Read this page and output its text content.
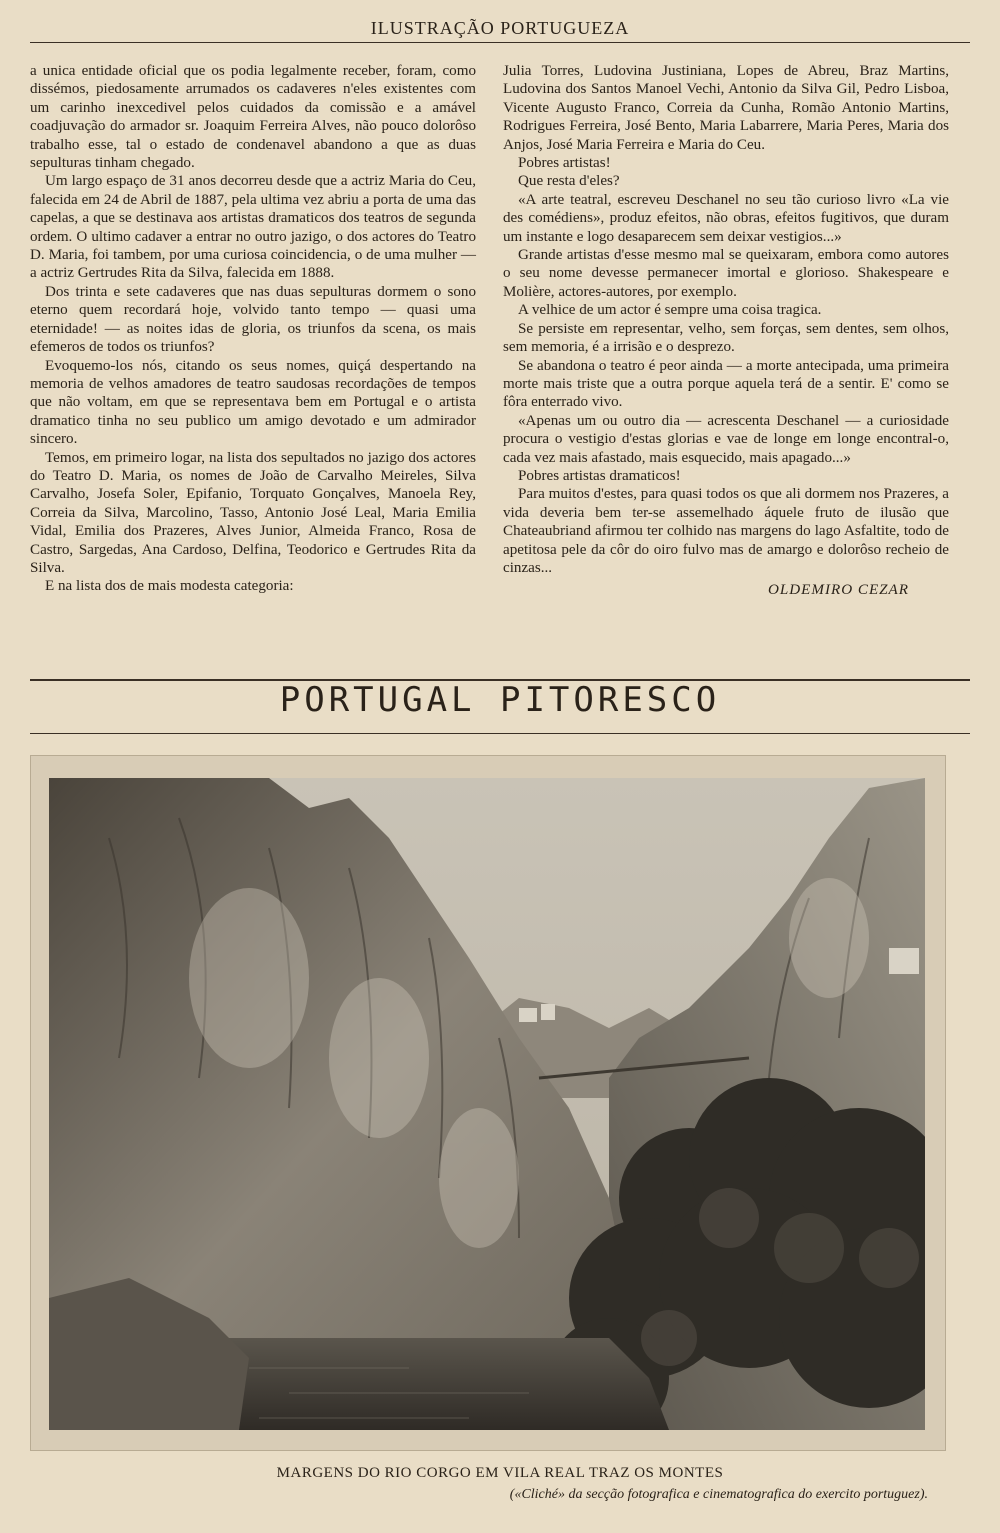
ILUSTRAÇÃO PORTUGUEZA

a unica entidade oficial que os podia legalmente receber, foram, como dissémos, piedosamente arrumados os cadaveres n'eles existentes com um carinho inexcedivel pelos cuidados da comissão e a amável coadjuvação do armador sr. Joaquim Ferreira Alves, não pouco dolorôso trabalho esse, tal o estado de condenavel abandono a que as duas sepulturas tinham chegado.

Um largo espaço de 31 anos decorreu desde que a actriz Maria do Ceu, falecida em 24 de Abril de 1887, pela ultima vez abriu a porta de uma das capelas, a que se destinava aos artistas dramaticos dos teatros de segunda ordem. O ultimo cadaver a entrar no outro jazigo, o dos actores do Teatro D. Maria, foi tambem, por uma curiosa coincidencia, o de uma mulher — a actriz Gertrudes Rita da Silva, falecida em 1888.

Dos trinta e sete cadaveres que nas duas sepulturas dormem o sono eterno quem recordará hoje, volvido tanto tempo — quasi uma eternidade! — as noites idas de gloria, os triunfos da scena, os mais efemeros de todos os triunfos?

Evoquemo-los nós, citando os seus nomes, quiçá despertando na memoria de velhos amadores de teatro saudosas recordações de tempos que não voltam, em que se representava bem em Portugal e o artista dramatico tinha no seu publico um amigo devotado e um admirador sincero.

Temos, em primeiro logar, na lista dos sepultados no jazigo dos actores do Teatro D. Maria, os nomes de João de Carvalho Meireles, Silva Carvalho, Josefa Soler, Epifanio, Torquato Gonçalves, Manoela Rey, Correia da Silva, Marcolino, Tasso, Antonio José Leal, Maria Emilia Vidal, Emilia dos Prazeres, Alves Junior, Almeida Franco, Rosa de Castro, Sargedas, Ana Cardoso, Delfina, Teodorico e Gertrudes Rita da Silva.

E na lista dos de mais modesta categoria:

Julia Torres, Ludovina Justiniana, Lopes de Abreu, Braz Martins, Ludovina dos Santos Manoel Vechi, Antonio da Silva Gil, Pedro Lisboa, Vicente Augusto Franco, Correia da Cunha, Romão Antonio Martins, Rodrigues Ferreira, José Bento, Maria Labarrere, Maria Peres, Maria dos Anjos, José Maria Ferreira e Maria do Ceu.

Pobres artistas!

Que resta d'eles?

«A arte teatral, escreveu Deschanel no seu tão curioso livro «La vie des comédiens», produz efeitos, não obras, efeitos fugitivos, que duram um instante e logo desaparecem sem deixar vestigios...»

Grande artistas d'esse mesmo mal se queixaram, embora como autores o seu nome devesse permanecer imortal e glorioso. Shakespeare e Molière, actores-autores, por exemplo.

A velhice de um actor é sempre uma coisa tragica.

Se persiste em representar, velho, sem forças, sem dentes, sem olhos, sem memoria, é a irrisão e o desprezo.

Se abandona o teatro é peor ainda — a morte antecipada, uma primeira morte mais triste que a outra porque aquela terá de a sentir. E' como se fôra enterrado vivo.

«Apenas um ou outro dia — acrescenta Deschanel — a curiosidade procura o vestigio d'estas glorias e vae de longe em longe encontral-o, cada vez mais afastado, mais esquecido, mais apagado...»

Pobres artistas dramaticos!

Para muitos d'estes, para quasi todos os que ali dormem nos Prazeres, a vida deveria bem ter-se assemelhado áquele fruto de ilusão que Chateaubriand afirmou ter colhido nas margens do lago Asfaltite, todo de apetitosa pele da côr do oiro fulvo mas de amargo e dolorôso recheio de cinzas...

OLDEMIRO CEZAR
PORTUGAL PITORESCO
MARGENS DO RIO CORGO EM VILA REAL TRAZ OS MONTES
(«Cliché» da secção fotografica e cinematografica do exercito portuguez).
